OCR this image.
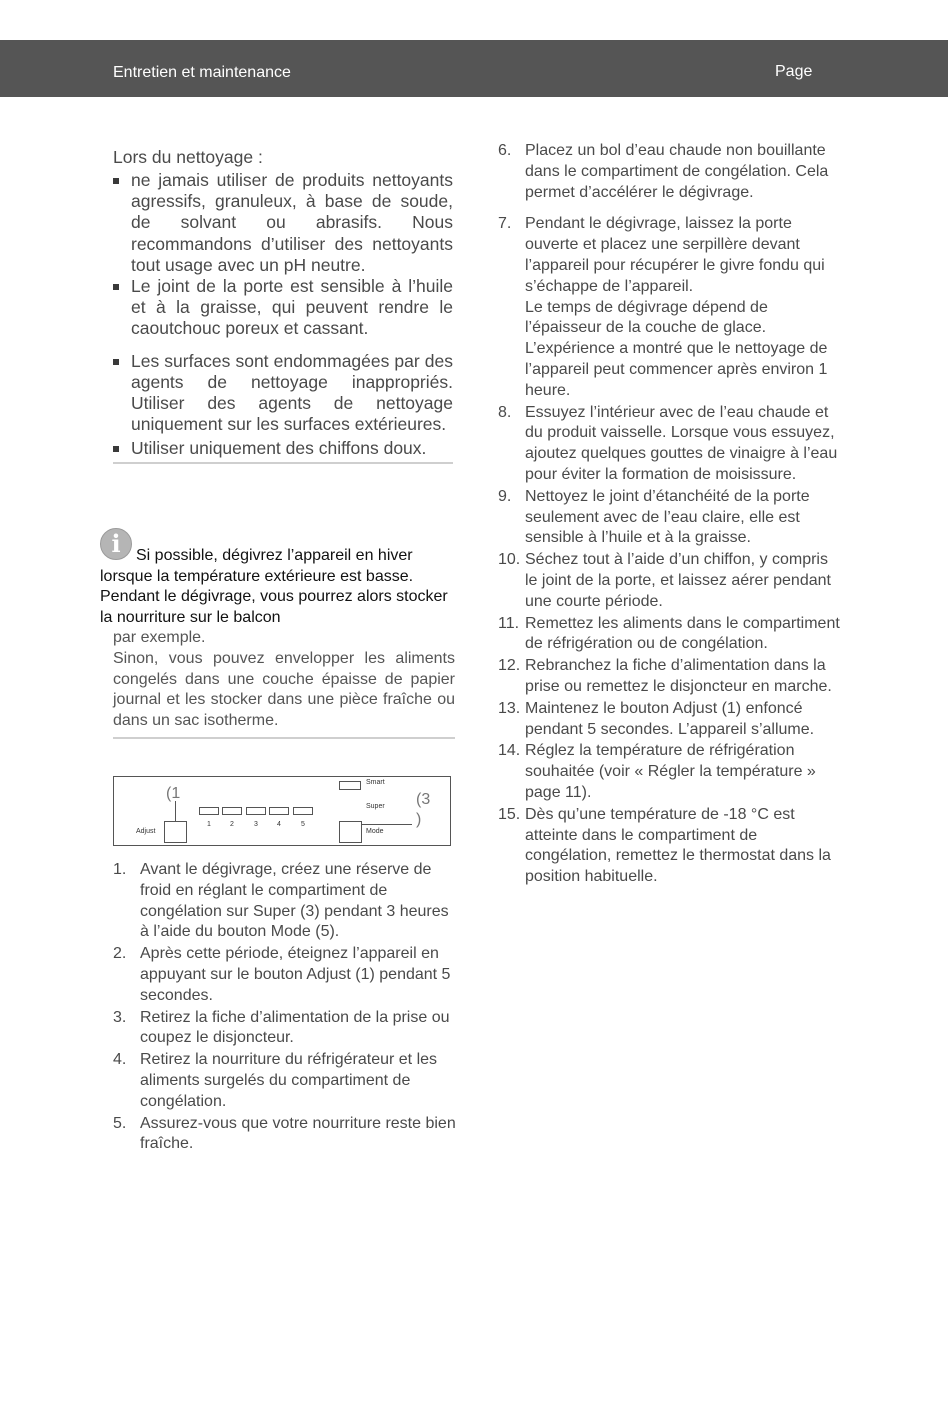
Entretien et maintenance	Page

Lors du nettoyage :

ne jamais utiliser de produits nettoyants agressifs, granuleux, à base de soude, de solvant ou abrasifs. Nous recommandons d’utiliser des nettoyants tout usage avec un pH neutre.
Le joint de la porte est sensible à l’huile et à la graisse, qui peuvent rendre le caoutchouc poreux et cassant.
Les surfaces sont endommagées par des agents de nettoyage inappropriés. Utiliser des agents de nettoyage uniquement sur les surfaces extérieures.
Utiliser uniquement des chiffons doux.
i Si possible, dégivrez l’appareil en hiver lorsque la température extérieure est basse. Pendant le dégivrage, vous pourrez alors stocker la nourriture sur le balcon

par exemple.

Sinon, vous pouvez envelopper les aliments congelés dans une couche épaisse de papier journal et les stocker dans une pièce fraîche ou dans un sac isotherme.

(1
Adjust
1	2	3	4	5
Smart
Super
Mode
(3 )
1. Avant le dégivrage, créez une réserve de froid en réglant le compartiment de congélation sur Super (3) pendant 3 heures à l’aide du bouton Mode (5).
2. Après cette période, éteignez l’appareil en appuyant sur le bouton Adjust (1) pendant 5 secondes.
3. Retirez la fiche d’alimentation de la prise ou coupez le disjoncteur.
4. Retirez la nourriture du réfrigérateur et les aliments surgelés du compartiment de congélation.
5. Assurez-vous que votre nourriture reste bien fraîche.
6. Placez un bol d’eau chaude non bouillante dans le compartiment de congélation. Cela permet d’accélérer le dégivrage.
7. Pendant le dégivrage, laissez la porte ouverte et placez une serpillère devant l’appareil pour récupérer le givre fondu qui s’échappe de l’appareil.
Le temps de dégivrage dépend de l’épaisseur de la couche de glace. L’expérience a montré que le nettoyage de l’appareil peut commencer après environ 1 heure.
8. Essuyez l’intérieur avec de l’eau chaude et du produit vaisselle. Lorsque vous essuyez, ajoutez quelques gouttes de vinaigre à l’eau pour éviter la formation de moisissure.
9. Nettoyez le joint d’étanchéité de la porte seulement avec de l’eau claire, elle est sensible à l’huile et à la graisse.
10. Séchez tout à l’aide d’un chiffon, y compris le joint de la porte, et laissez aérer pendant une courte période.
11. Remettez les aliments dans le compartiment de réfrigération ou de congélation.
12. Rebranchez la fiche d’alimentation dans la prise ou remettez le disjoncteur en marche.
13. Maintenez le bouton Adjust (1) enfoncé pendant 5 secondes. L’appareil s’allume.
14. Réglez la température de réfrigération souhaitée (voir « Régler la température » page 11).
15. Dès qu’une température de -18 °C est atteinte dans le compartiment de congélation, remettez le thermostat dans la position habituelle.
